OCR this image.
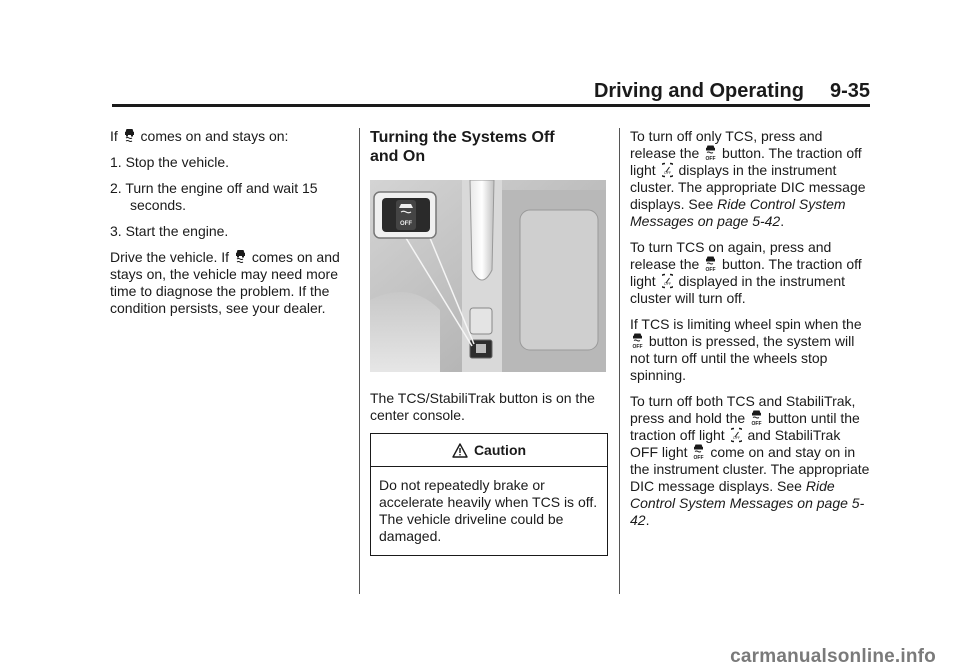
Driving and Operating 9-35

If  comes on and stays on:

1. Stop the vehicle.
2. Turn the engine off and wait 15 seconds.
3. Start the engine.

Drive the vehicle. If  comes on and stays on, the vehicle may need more time to diagnose the problem. If the condition persists, see your dealer.

Turning the Systems Off and On
OFF

The TCS/StabiliTrak button is on the center console.

Caution
Do not repeatedly brake or accelerate heavily when TCS is off. The vehicle driveline could be damaged.

To turn off only TCS, press and release the  button. The traction off light  displays in the instrument cluster. The appropriate DIC message displays. See Ride Control System Messages on page 5-42.

To turn TCS on again, press and release the  button. The traction off light  displayed in the instrument cluster will turn off.

If TCS is limiting wheel spin when the  button is pressed, the system will not turn off until the wheels stop spinning.

To turn off both TCS and StabiliTrak, press and hold the  button until the traction off light  and StabiliTrak OFF light  come on and stay on in the instrument cluster. The appropriate DIC message displays. See Ride Control System Messages on page 5-42.

carmanualsonline.info
